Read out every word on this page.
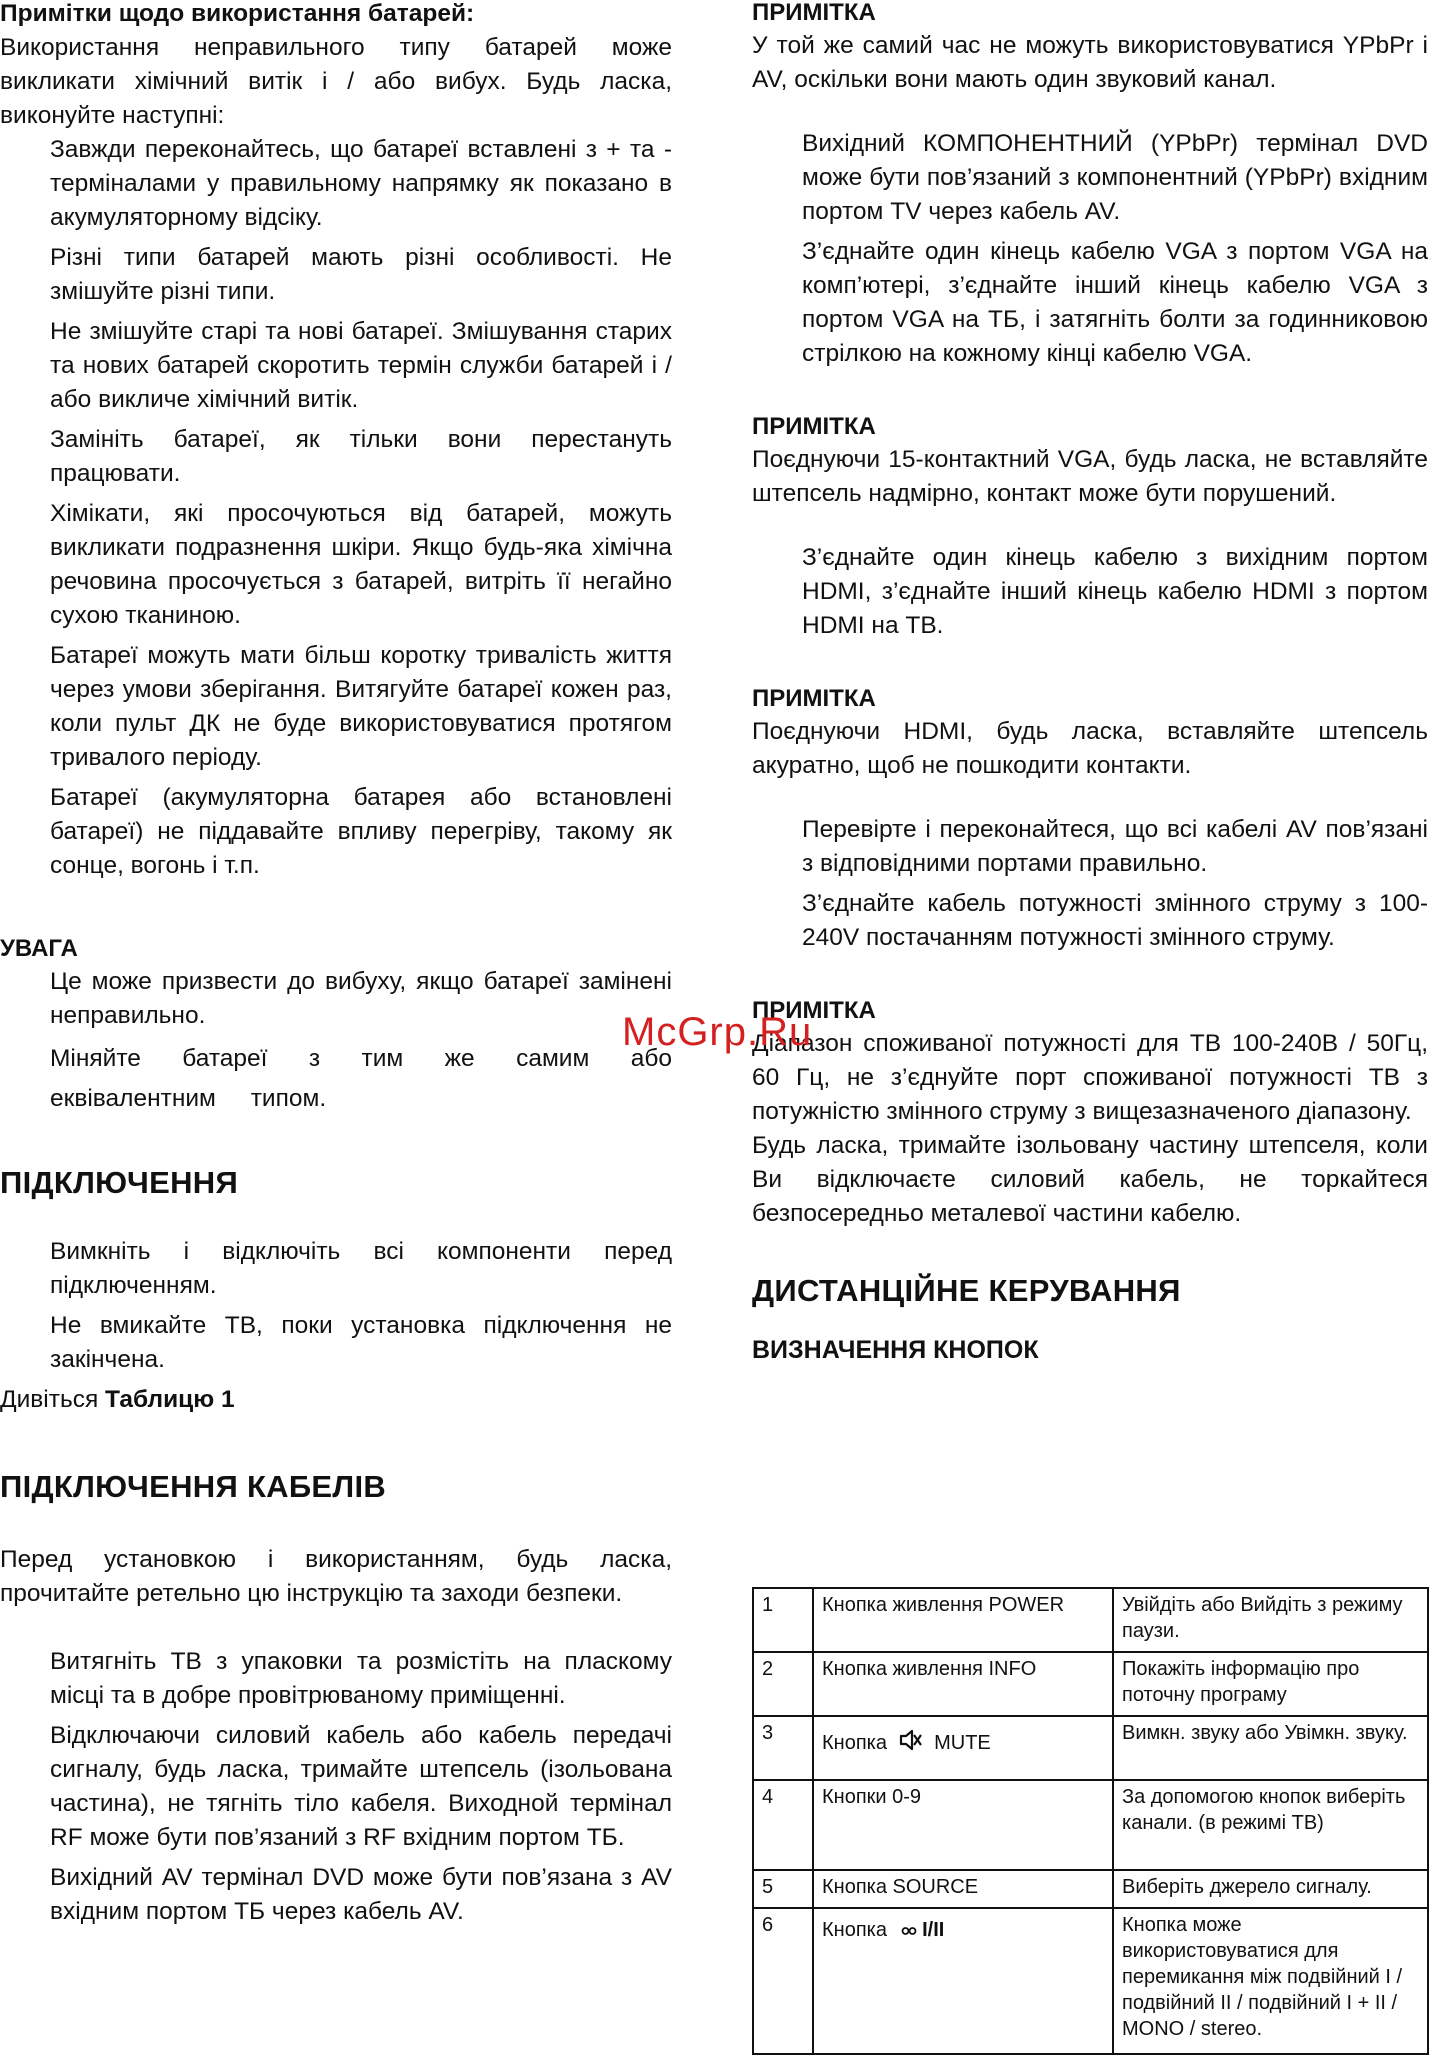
Примітки щодо використання батарей:

Використання неправильного типу батарей може викликати хімічний витік і / або вибух. Будь ласка, виконуйте наступні:

Завжди переконайтесь, що батареї вставлені з + та - терміналами у правильному напрямку як показано в акумуляторному відсіку.

Різні типи батарей мають різні особливості. Не змішуйте різні типи.

Не змішуйте старі та нові батареї. Змішування старих та нових батарей скоротить термін служби батарей і / або викличе хімічний витік.

Замініть батареї, як тільки вони перестануть працювати.

Хімікати, які просочуються від батарей, можуть викликати подразнення шкіри. Якщо будь-яка хімічна речовина просочується з батарей, витріть її негайно сухою тканиною.

Батареї можуть мати більш коротку тривалість життя через умови зберігання. Витягуйте батареї кожен раз, коли пульт ДК не буде використовуватися протягом тривалого періоду.

Батареї (акумуляторна батарея або встановлені батареї) не піддавайте впливу перегріву, такому як сонце, вогонь і т.п.

УВАГА

Це може призвести до вибуху, якщо батареї замінені неправильно.

Міняйте батареї з тим же самим або еквівалентним типом.

ПІДКЛЮЧЕННЯ

Вимкніть і відключіть всі компоненти перед підключенням.

Не вмикайте ТВ, поки установка підключення не закінчена.

Дивіться Таблицю 1

ПІДКЛЮЧЕННЯ КАБЕЛІВ

Перед установкою і використанням, будь ласка, прочитайте ретельно цю інструкцію та заходи безпеки.

Витягніть ТВ з упаковки та розмістіть на пласкому місці та в добре провітрюваному приміщенні.

Відключаючи силовий кабель або кабель передачі сигналу, будь ласка, тримайте штепсель (ізольована частина), не тягніть тіло кабеля. Виходной термінал RF може бути пов’язаний з RF вхідним портом ТБ.

Вихідний AV термінал DVD може бути пов’язана з AV вхідним портом ТБ через кабель AV.

ПРИМІТКА

У той же самий час не можуть використовуватися YPbPr і AV, оскільки вони мають один звуковий канал.

Вихідний КОМПОНЕНТНИЙ (YPbPr) термінал DVD може бути пов’язаний з компонентний (YPbPr) вхідним портом TV через кабель AV.

З’єднайте один кінець кабелю VGA з портом VGA на комп’ютері, з’єднайте інший кінець кабелю VGA з портом VGA на ТБ, і затягніть болти за годинниковою стрілкою на кожному кінці кабелю VGA.

ПРИМІТКА

Поєднуючи 15-контактний VGA, будь ласка, не вставляйте штепсель надмірно, контакт може бути порушений.

З’єднайте один кінець кабелю з вихідним портом HDMI, з’єднайте інший кінець кабелю HDMI з портом HDMI на ТВ.

ПРИМІТКА

Поєднуючи HDMI, будь ласка, вставляйте штепсель акуратно, щоб не пошкодити контакти.

Перевірте і переконайтеся, що всі кабелі AV пов’язані з відповідними портами правильно.

З’єднайте кабель потужності змінного струму з 100-240V постачанням потужності змінного струму.

ПРИМІТКА

Діапазон споживаної потужності для ТВ 100-240В / 50Гц, 60 Гц, не з’єднуйте порт споживаної потужності ТВ з потужністю змінного струму з вищезазначеного діапазону.

Будь ласка, тримайте ізольовану частину штепселя, коли Ви відключаєте силовий кабель, не торкайтеся безпосередньо металевої частини кабелю.

ДИСТАНЦІЙНЕ КЕРУВАННЯ

ВИЗНАЧЕННЯ КНОПОК

1	Кнопка живлення POWER	Увійдіть або Вийдіть з режиму паузи.
2	Кнопка живлення INFO	Покажіть інформацію про поточну програму
3	Кнопка MUTE	Вимкн. звуку або Увімкн. звуку.
4	Кнопки 0-9	За допомогою кнопок виберіть канали. (в режимі ТВ)
5	Кнопка SOURCE	Виберіть джерело сигналу.
6	Кнопка I/II	Кнопка може використовуватися для перемикання між подвійний I / подвійний II / подвійний I + II / MONO / stereo.
McGrp.Ru
